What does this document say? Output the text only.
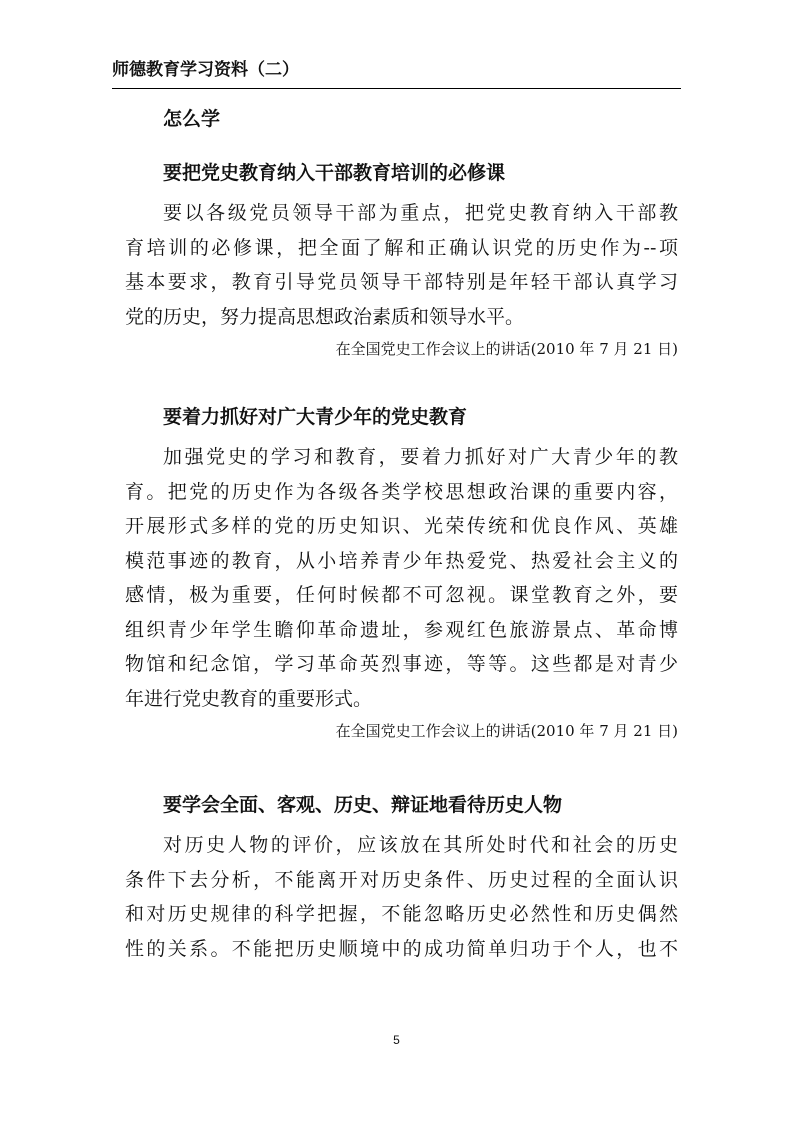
师德教育学习资料（二）
怎么学
要把党史教育纳入干部教育培训的必修课

要以各级党员领导干部为重点，把党史教育纳入干部教
育培训的必修课，把全面了解和正确认识党的历史作为--项
基本要求，教育引导党员领导干部特别是年轻干部认真学习
党的历史，努力提高思想政治素质和领导水平。

在全国党史工作会议上的讲话(2010 年 7 月 21 日)

要着力抓好对广大青少年的党史教育

加强党史的学习和教育，要着力抓好对广大青少年的教
育。把党的历史作为各级各类学校思想政治课的重要内容，
开展形式多样的党的历史知识、光荣传统和优良作风、英雄
模范事迹的教育，从小培养青少年热爱党、热爱社会主义的
感情，极为重要，任何时候都不可忽视。课堂教育之外，要
组织青少年学生瞻仰革命遗址，参观红色旅游景点、革命博
物馆和纪念馆，学习革命英烈事迹，等等。这些都是对青少
年进行党史教育的重要形式。

在全国党史工作会议上的讲话(2010 年 7 月 21 日)

要学会全面、客观、历史、辩证地看待历史人物

对历史人物的评价，应该放在其所处时代和社会的历史
条件下去分析，不能离开对历史条件、历史过程的全面认识
和对历史规律的科学把握，不能忽略历史必然性和历史偶然
性的关系。不能把历史顺境中的成功简单归功于个人，也不

5
